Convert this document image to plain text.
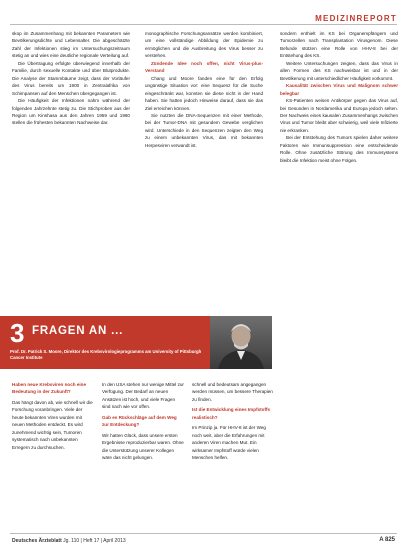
MEDIZINREPORT

skop im Zusammenhang mit bekannten Parametern wie Bevölkerungsdichte und Lebensalter. Die abgeschätzte Zahl der Infektionen stieg im Untersuchungszeitraum stetig an und wies eine deutliche regionale Verteilung auf.

Die Übertragung erfolgte überwiegend innerhalb der Familie, durch sexuelle Kontakte und über Blutprodukte. Die Analyse der Stammbäume zeigt, dass der Vorläufer des Virus bereits um 1900 in Zentralafrika von Schimpansen auf den Menschen übergegangen ist.

Die Häufigkeit der Infektionen nahm während der folgenden Jahrzehnte stetig zu. Die Stichproben aus der Region um Kinshasa aus den Jahren 1959 und 1960 stellen die frühesten bekannten Nachweise dar.

monographische Forschungsansätze werden kombiniert, um eine vollständige Abbildung der Epidemie zu ermöglichen und die Ausbreitung des Virus besser zu verstehen.

Zündende Idee noch offen, nicht Virus-plus-Verstand

Chang und Moore fanden eine für den Erfolg ungünstige Situation vor: eine Sequenz für die Suche eingeschränkt war, konnten sie diese nicht in der Hand haben. Sie hatten jedoch Hinweise darauf, dass sie das Ziel erreichen können.

Sie nutzten die DNA-Sequenzen mit einer Methode, bei der Tumor-DNA mit gesundem Gewebe verglichen wird. Unterschiede in den Sequenzen zeigten den Weg zu einem unbekannten Virus, das mit bekannten Herpesviren verwandt ist.

sondern enthielt im KS bei Organempfängern und Tumorzellen nach Transplantation Virusgenom. Diese Befunde stützen eine Rolle von HHV-8 bei der Entstehung des KS.

Weitere Untersuchungen zeigten, dass das Virus in allen Formen des KS nachweisbar ist und in der Bevölkerung mit unterschiedlicher Häufigkeit vorkommt.

Kausalität zwischen Virus und Malignom schwer belegbar

KS-Patienten weisen Antikörper gegen das Virus auf, bei Gesunden in Nordamerika und Europa jedoch selten. Der Nachweis eines kausalen Zusammenhangs zwischen Virus und Tumor bleibt aber schwierig, weil viele Infizierte nie erkranken.

Bei der Entstehung des Tumors spielen daher weitere Faktoren wie Immunsuppression eine entscheidende Rolle. Ohne zusätzliche Störung des Immunsystems bleibt die Infektion meist ohne Folgen.

3 FRAGEN AN ...
Prof. Dr. Patrick S. Moore, Direktor des Krebsvirologieprogramms am University of Pittsburgh Cancer Institute

Haben neue Krebsviren noch eine Bedeutung in der Zukunft?

Das hängt davon ab, wie schnell wir die Forschung voranbringen. Viele der heute bekannten Viren wurden mit neuen Methoden entdeckt. Es wird zunehmend wichtig sein, Tumoren systematisch nach unbekannten Erregern zu durchsuchen.

In den USA stehen nur wenige Mittel zur Verfügung. Der Bedarf an neuen Ansätzen ist hoch, und viele Fragen sind nach wie vor offen.

Gab es Rückschläge auf dem Weg zur Entdeckung?

Wir hatten Glück, dass unsere ersten Ergebnisse reproduzierbar waren. Ohne die Unterstützung unserer Kollegen wäre das nicht gelungen.

schnell und bedeutsam angegangen werden müssen, um bessere Therapien zu finden.

Ist die Entwicklung eines Impfstoffs realistisch?

Im Prinzip ja. Für HHV-8 ist der Weg noch weit, aber die Erfahrungen mit anderen Viren machen Mut. Ein wirksamer Impfstoff würde vielen Menschen helfen.

Deutsches Ärzteblatt Jg. 110 | Heft 17 | April 2013	A 825
